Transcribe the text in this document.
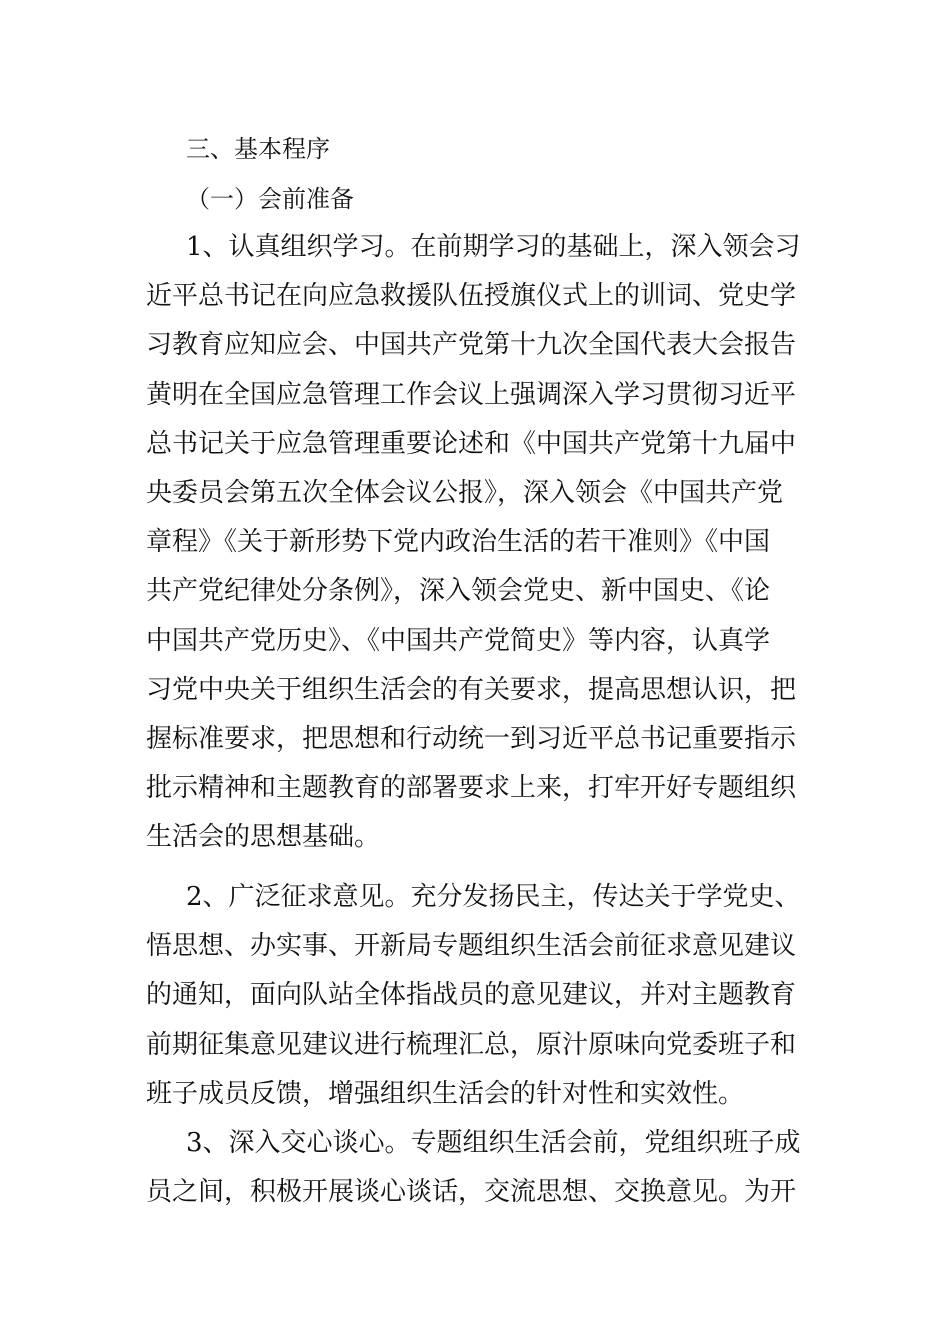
三、基本程序
（一）会前准备
1、认真组织学习。在前期学习的基础上，深入领会习
近平总书记在向应急救援队伍授旗仪式上的训词、党史学
习教育应知应会、中国共产党第十九次全国代表大会报告
黄明在全国应急管理工作会议上强调深入学习贯彻习近平
总书记关于应急管理重要论述和《中国共产党第十九届中
央委员会第五次全体会议公报》，深入领会《中国共产党
章程》《关于新形势下党内政治生活的若干准则》《中国
共产党纪律处分条例》，深入领会党史、新中国史、《论
中国共产党历史》、《中国共产党简史》等内容，认真学
习党中央关于组织生活会的有关要求，提高思想认识，把
握标准要求，把思想和行动统一到习近平总书记重要指示
批示精神和主题教育的部署要求上来，打牢开好专题组织
生活会的思想基础。
2、广泛征求意见。充分发扬民主，传达关于学党史、
悟思想、办实事、开新局专题组织生活会前征求意见建议
的通知，面向队站全体指战员的意见建议，并对主题教育
前期征集意见建议进行梳理汇总，原汁原味向党委班子和
班子成员反馈，增强组织生活会的针对性和实效性。
3、深入交心谈心。专题组织生活会前，党组织班子成
员之间，积极开展谈心谈话，交流思想、交换意见。为开
